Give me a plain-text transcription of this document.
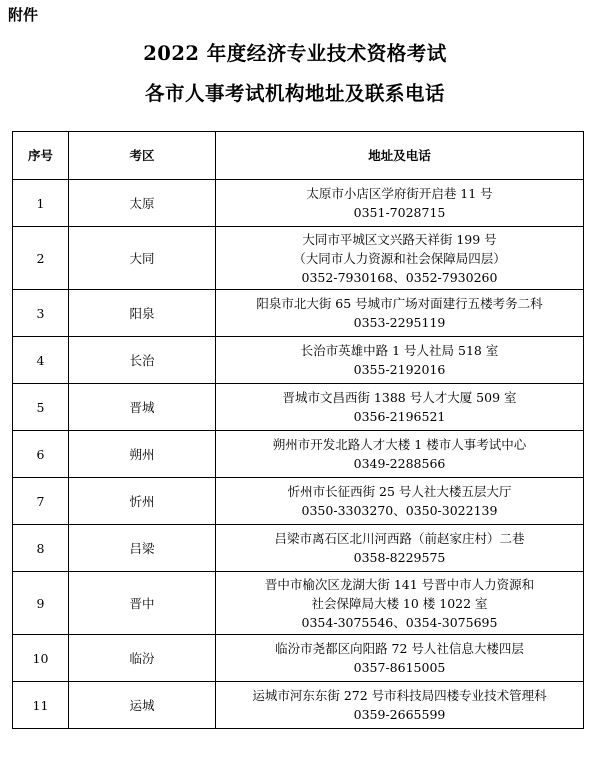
附件
2022 年度经济专业技术资格考试
各市人事考试机构地址及联系电话
序号	考区	地址及电话
1	太原	太原市小店区学府街开启巷 11 号
0351-7028715

2	大同	大同市平城区文兴路天祥街 199 号
（大同市人力资源和社会保障局四层）
0352-7930168、0352-7930260

3	阳泉	阳泉市北大街 65 号城市广场对面建行五楼考务二科
0353-2295119

4	长治	长治市英雄中路 1 号人社局 518 室
0355-2192016

5	晋城	晋城市文昌西街 1388 号人才大厦 509 室
0356-2196521

6	朔州	朔州市开发北路人才大楼 1 楼市人事考试中心
0349-2288566

7	忻州	忻州市长征西街 25 号人社大楼五层大厅
0350-3303270、0350-3022139

8	吕梁	吕梁市离石区北川河西路（前赵家庄村）二巷
0358-8229575

9	晋中	晋中市榆次区龙湖大街 141 号晋中市人力资源和
社会保障局大楼 10 楼 1022 室
0354-3075546、0354-3075695

10	临汾	临汾市尧都区向阳路 72 号人社信息大楼四层
0357-8615005

11	运城	运城市河东东街 272 号市科技局四楼专业技术管理科
0359-2665599
